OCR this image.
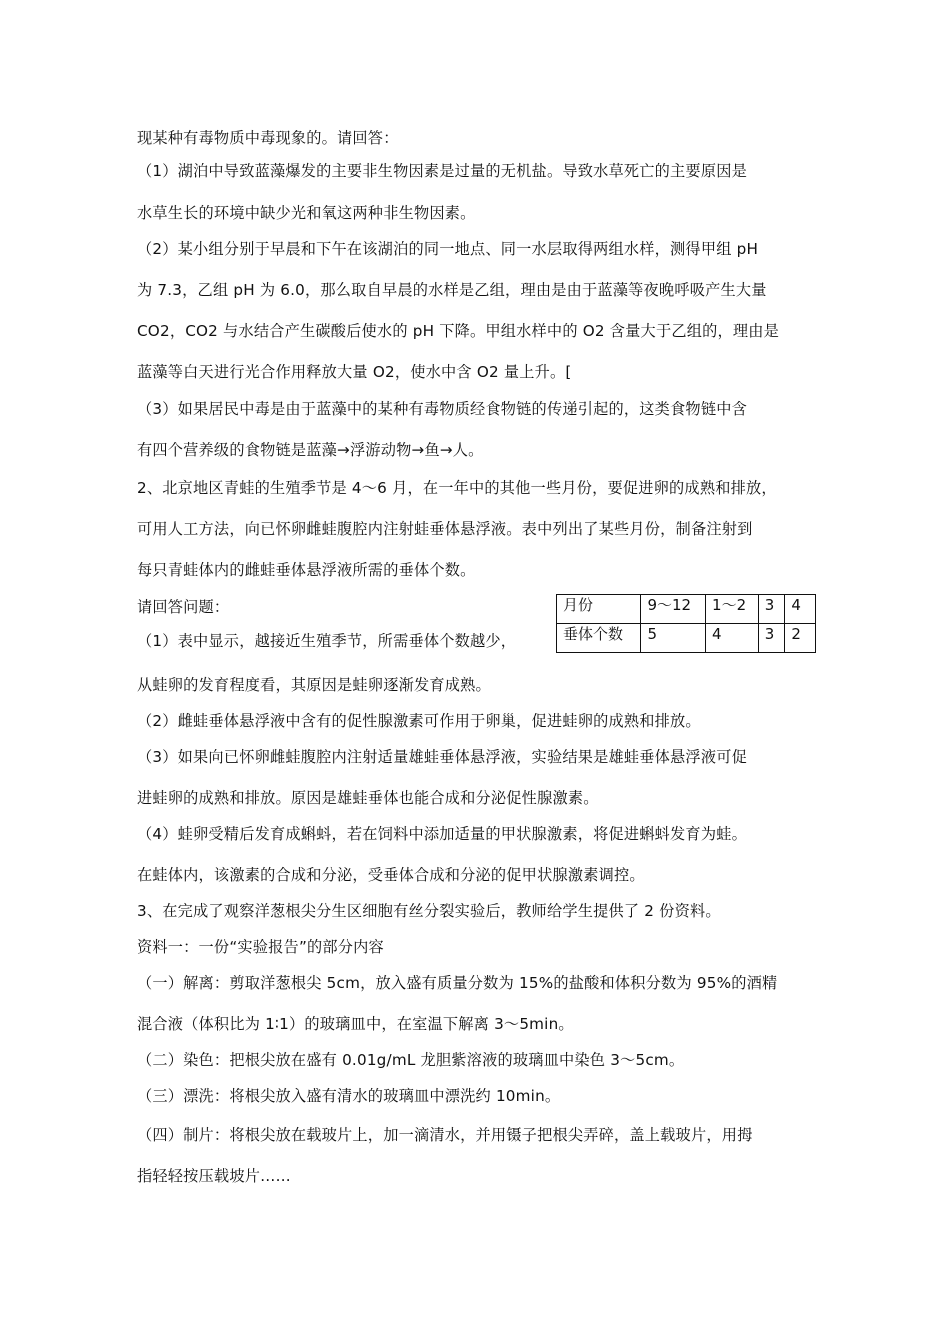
现某种有毒物质中毒现象的。请回答：
（1）湖泊中导致蓝藻爆发的主要非生物因素是过量的无机盐。导致水草死亡的主要原因是
水草生长的环境中缺少光和氧这两种非生物因素。
（2）某小组分别于早晨和下午在该湖泊的同一地点、同一水层取得两组水样，测得甲组 pH
为 7.3，乙组 pH 为 6.0，那么取自早晨的水样是乙组，理由是由于蓝藻等夜晚呼吸产生大量
CO2，CO2 与水结合产生碳酸后使水的 pH 下降。甲组水样中的 O2 含量大于乙组的，理由是
蓝藻等白天进行光合作用释放大量 O2，使水中含 O2 量上升。[
（3）如果居民中毒是由于蓝藻中的某种有毒物质经食物链的传递引起的，这类食物链中含
有四个营养级的食物链是蓝藻→浮游动物→鱼→人。
2、北京地区青蛙的生殖季节是 4～6 月，在一年中的其他一些月份，要促进卵的成熟和排放，
可用人工方法，向已怀卵雌蛙腹腔内注射蛙垂体悬浮液。表中列出了某些月份，制备注射到
每只青蛙体内的雌蛙垂体悬浮液所需的垂体个数。
请回答问题：
（1）表中显示，越接近生殖季节，所需垂体个数越少，
月份	9～12	1～2	3	4
垂体个数	5	4	3	2
从蛙卵的发育程度看，其原因是蛙卵逐渐发育成熟。
（2）雌蛙垂体悬浮液中含有的促性腺激素可作用于卵巢，促进蛙卵的成熟和排放。
（3）如果向已怀卵雌蛙腹腔内注射适量雄蛙垂体悬浮液，实验结果是雄蛙垂体悬浮液可促
进蛙卵的成熟和排放。原因是雄蛙垂体也能合成和分泌促性腺激素。
（4）蛙卵受精后发育成蝌蚪，若在饲料中添加适量的甲状腺激素，将促进蝌蚪发育为蛙。
在蛙体内，该激素的合成和分泌，受垂体合成和分泌的促甲状腺激素调控。
3、在完成了观察洋葱根尖分生区细胞有丝分裂实验后，教师给学生提供了 2 份资料。
资料一：一份“实验报告”的部分内容
（一）解离：剪取洋葱根尖 5cm，放入盛有质量分数为 15%的盐酸和体积分数为 95%的酒精
混合液（体积比为 1∶1）的玻璃皿中，在室温下解离 3～5min。
（二）染色：把根尖放在盛有 0.01g/mL 龙胆紫溶液的玻璃皿中染色 3～5cm。
（三）漂洗：将根尖放入盛有清水的玻璃皿中漂洗约 10min。
（四）制片：将根尖放在载玻片上，加一滴清水，并用镊子把根尖弄碎，盖上载玻片，用拇
指轻轻按压载坡片……
